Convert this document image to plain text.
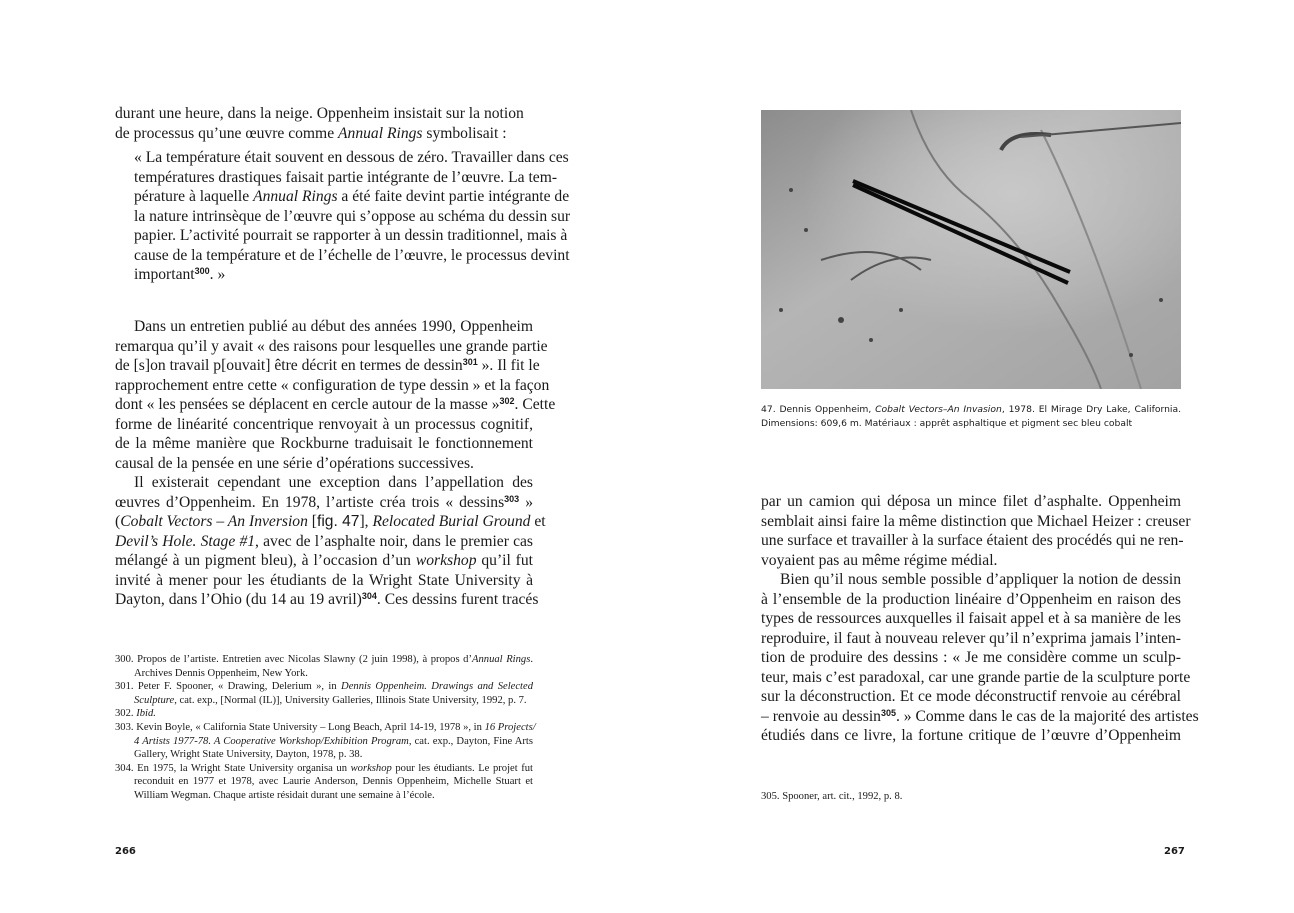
durant une heure, dans la neige. Oppenheim insistait sur la notion
de processus qu’une œuvre comme Annual Rings symbolisait :
« La température était souvent en dessous de zéro. Travailler dans ces
températures drastiques faisait partie intégrante de l’œuvre. La tem-
pérature à laquelle Annual Rings a été faite devint partie intégrante de
la nature intrinsèque de l’œuvre qui s’oppose au schéma du dessin sur
papier. L’activité pourrait se rapporter à un dessin traditionnel, mais à
cause de la température et de l’échelle de l’œuvre, le processus devint
important$^{300}$. »
Dans un entretien publié au début des années 1990, Oppenheim
remarqua qu’il y avait « des raisons pour lesquelles une grande partie
de [s]on travail p[ouvait] être décrit en termes de dessin$^{301}$ ». Il fit le
rapprochement entre cette « configuration de type dessin » et la façon
dont « les pensées se déplacent en cercle autour de la masse »$^{302}$. Cette
forme de linéarité concentrique renvoyait à un processus cognitif,
de la même manière que Rockburne traduisait le fonctionnement
causal de la pensée en une série d’opérations successives.
Il existerait cependant une exception dans l’appellation des
œuvres d’Oppenheim. En 1978, l’artiste créa trois « dessins$^{303}$ »
(Cobalt Vectors – An Inversion [fig. 47], Relocated Burial Ground et
Devil’s Hole. Stage #1, avec de l’asphalte noir, dans le premier cas
mélangé à un pigment bleu), à l’occasion d’un workshop qu’il fut
invité à mener pour les étudiants de la Wright State University à
Dayton, dans l’Ohio (du 14 au 19 avril)$^{304}$. Ces dessins furent tracés
300. Propos de l’artiste. Entretien avec Nicolas Slawny (2 juin 1998), à propos d’Annual Rings.
Archives Dennis Oppenheim, New York.
301. Peter F. Spooner, « Drawing, Delerium », in Dennis Oppenheim. Drawings and Selected
Sculpture, cat. exp., [Normal (IL)], University Galleries, Illinois State University, 1992, p. 7.
302. Ibid.
303. Kevin Boyle, « California State University – Long Beach, April 14-19, 1978 », in 16 Projects/
4 Artists 1977-78. A Cooperative Workshop/Exhibition Program, cat. exp., Dayton, Fine Arts
Gallery, Wright State University, Dayton, 1978, p. 38.
304. En 1975, la Wright State University organisa un workshop pour les étudiants. Le projet fut
reconduit en 1977 et 1978, avec Laurie Anderson, Dennis Oppenheim, Michelle Stuart et
William Wegman. Chaque artiste résidait durant une semaine à l’école.
266
47. Dennis Oppenheim, Cobalt Vectors–An Invasion, 1978. El Mirage Dry Lake, California.
Dimensions: 609,6 m. Matériaux : apprêt asphaltique et pigment sec bleu cobalt
par un camion qui déposa un mince filet d’asphalte. Oppenheim
semblait ainsi faire la même distinction que Michael Heizer : creuser
une surface et travailler à la surface étaient des procédés qui ne ren-
voyaient pas au même régime médial.
Bien qu’il nous semble possible d’appliquer la notion de dessin
à l’ensemble de la production linéaire d’Oppenheim en raison des
types de ressources auxquelles il faisait appel et à sa manière de les
reproduire, il faut à nouveau relever qu’il n’exprima jamais l’inten-
tion de produire des dessins : « Je me considère comme un sculp-
teur, mais c’est paradoxal, car une grande partie de la sculpture porte
sur la déconstruction. Et ce mode déconstructif renvoie au cérébral
– renvoie au dessin$^{305}$. » Comme dans le cas de la majorité des artistes
étudiés dans ce livre, la fortune critique de l’œuvre d’Oppenheim
305. Spooner, art. cit., 1992, p. 8.
267
